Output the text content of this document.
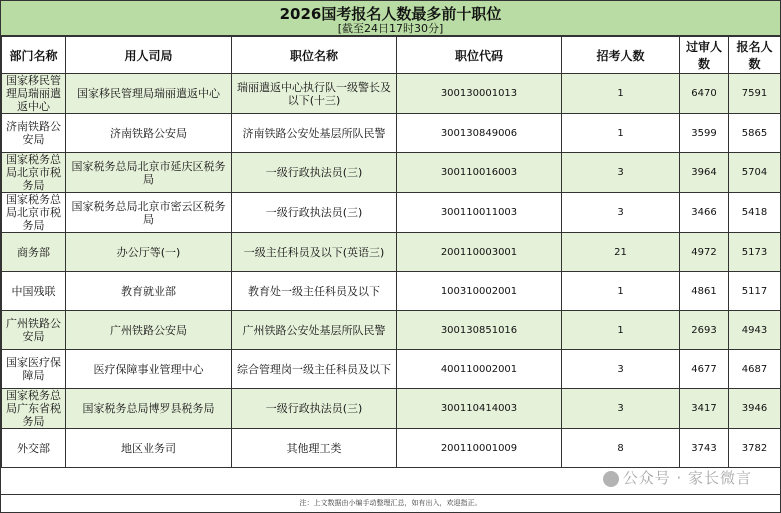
2026国考报名人数最多前十职位
[截至24日17时30分]
部门名称	用人司局	职位名称	职位代码	招考人数	过审人数	报名人数
国家移民管理局瑞丽遣返中心	国家移民管理局瑞丽遣返中心	瑞丽遣返中心执行队一级警长及以下(十三)	300130001013	1	6470	7591
济南铁路公安局	济南铁路公安局	济南铁路公安处基层所队民警	300130849006	1	3599	5865
国家税务总局北京市税务局	国家税务总局北京市延庆区税务局	一级行政执法员(三)	300110016003	3	3964	5704
国家税务总局北京市税务局	国家税务总局北京市密云区税务局	一级行政执法员(三)	300110011003	3	3466	5418
商务部	办公厅等(一)	一级主任科员及以下(英语三)	200110003001	21	4972	5173
中国残联	教育就业部	教育处一级主任科员及以下	100310002001	1	4861	5117
广州铁路公安局	广州铁路公安局	广州铁路公安处基层所队民警	300130851016	1	2693	4943
国家医疗保障局	医疗保障事业管理中心	综合管理岗一级主任科员及以下	400110002001	3	4677	4687
国家税务总局广东省税务局	国家税务总局博罗县税务局	一级行政执法员(三)	300110414003	3	3417	3946
外交部	地区业务司	其他理工类	200110001009	8	3743	3782
注：上文数据由小编手动整理汇总，如有出入，欢迎指正。
公众号 · 家长微言
